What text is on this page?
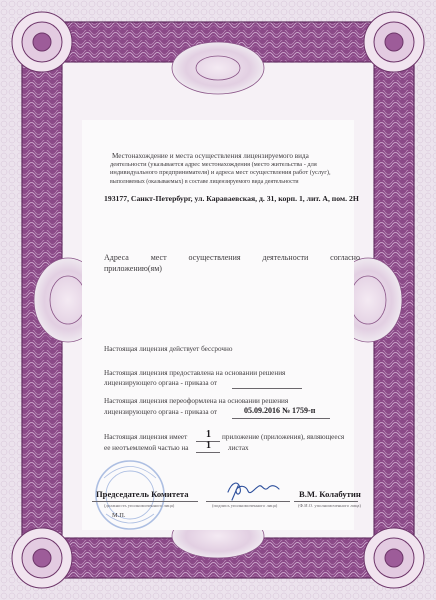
Местонахождение и места осуществления лицензируемого вида
деятельности (указывается адрес местонахождения (место жительства - для
индивидуального предпринимателя) и адреса мест осуществления работ (услуг),
выполняемых (оказываемых) в составе лицензируемого вида деятельности
193177, Санкт-Петербург, ул. Караваевская, д. 31, корп. 1, лит. А, пом. 2Н
Адреса	мест	осуществления	деятельности	согласно
приложению(ям)
Настоящая лицензия действует бессрочно
Настоящая лицензия предоставлена на основании решения
лицензирующего органа - приказа от
Настоящая лицензия переоформлена на основании решения
лицензирующего органа - приказа от	05.09.2016 № 1759-п
Настоящая лицензия имеет 1 приложение (приложения), являющееся
ее неотъемлемой частью на 1 листах
Председатель Комитета
(должность уполномоченного лица)	(подпись уполномоченного лица)
В.М. Колабутин
(Ф.И.О. уполномоченного лица)
М.П.
